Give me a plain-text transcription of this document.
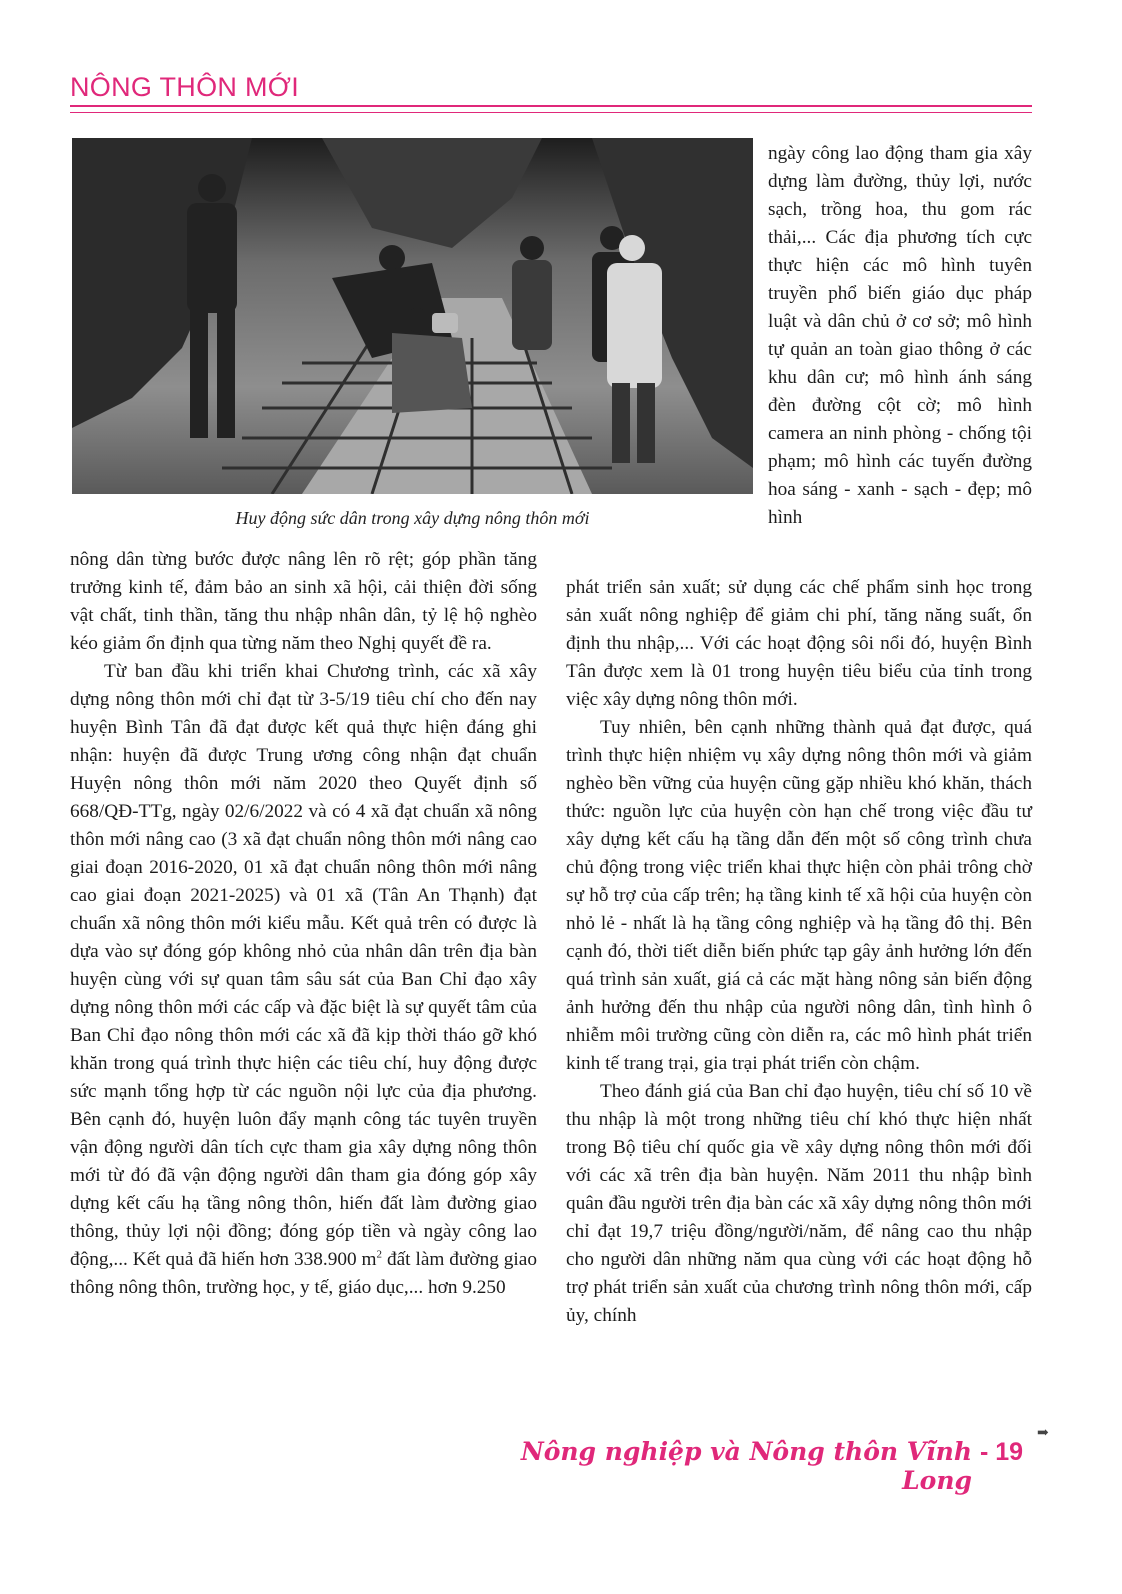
NÔNG THÔN MỚI
Huy động sức dân trong xây dựng nông thôn mới

ngày công lao động tham gia xây dựng làm đường, thủy lợi, nước sạch, trồng hoa, thu gom rác thải,... Các địa phương tích cực thực hiện các mô hình tuyên truyền phổ biến giáo dục pháp luật và dân chủ ở cơ sở; mô hình tự quản an toàn giao thông ở các khu dân cư; mô hình ánh sáng đèn đường cột cờ; mô hình camera an ninh phòng - chống tội phạm; mô hình các tuyến đường hoa sáng - xanh - sạch - đẹp; mô hình

nông dân từng bước được nâng lên rõ rệt; góp phần tăng trưởng kinh tế, đảm bảo an sinh xã hội, cải thiện đời sống vật chất, tinh thần, tăng thu nhập nhân dân, tỷ lệ hộ nghèo kéo giảm ổn định qua từng năm theo Nghị quyết đề ra.

Từ ban đầu khi triển khai Chương trình, các xã xây dựng nông thôn mới chỉ đạt từ 3-5/19 tiêu chí cho đến nay huyện Bình Tân đã đạt được kết quả thực hiện đáng ghi nhận: huyện đã được Trung ương công nhận đạt chuẩn Huyện nông thôn mới năm 2020 theo Quyết định số 668/QĐ-TTg, ngày 02/6/2022 và có 4 xã đạt chuẩn xã nông thôn mới nâng cao (3 xã đạt chuẩn nông thôn mới nâng cao giai đoạn 2016-2020, 01 xã đạt chuẩn nông thôn mới nâng cao giai đoạn 2021-2025) và 01 xã (Tân An Thạnh) đạt chuẩn xã nông thôn mới kiểu mẫu. Kết quả trên có được là dựa vào sự đóng góp không nhỏ của nhân dân trên địa bàn huyện cùng với sự quan tâm sâu sát của Ban Chỉ đạo xây dựng nông thôn mới các cấp và đặc biệt là sự quyết tâm của Ban Chỉ đạo nông thôn mới các xã đã kịp thời tháo gỡ khó khăn trong quá trình thực hiện các tiêu chí, huy động được sức mạnh tổng hợp từ các nguồn nội lực của địa phương. Bên cạnh đó, huyện luôn đẩy mạnh công tác tuyên truyền vận động người dân tích cực tham gia xây dựng nông thôn mới từ đó đã vận động người dân tham gia đóng góp xây dựng kết cấu hạ tầng nông thôn, hiến đất làm đường giao thông, thủy lợi nội đồng; đóng góp tiền và ngày công lao động,... Kết quả đã hiến hơn 338.900 $m^2$ đất làm đường giao thông nông thôn, trường học, y tế, giáo dục,... hơn 9.250

phát triển sản xuất; sử dụng các chế phẩm sinh học trong sản xuất nông nghiệp để giảm chi phí, tăng năng suất, ổn định thu nhập,... Với các hoạt động sôi nổi đó, huyện Bình Tân được xem là 01 trong huyện tiêu biểu của tỉnh trong việc xây dựng nông thôn mới.

Tuy nhiên, bên cạnh những thành quả đạt được, quá trình thực hiện nhiệm vụ xây dựng nông thôn mới và giảm nghèo bền vững của huyện cũng gặp nhiều khó khăn, thách thức: nguồn lực của huyện còn hạn chế trong việc đầu tư xây dựng kết cấu hạ tầng dẫn đến một số công trình chưa chủ động trong việc triển khai thực hiện còn phải trông chờ sự hỗ trợ của cấp trên; hạ tầng kinh tế xã hội của huyện còn nhỏ lẻ - nhất là hạ tầng công nghiệp và hạ tầng đô thị. Bên cạnh đó, thời tiết diễn biến phức tạp gây ảnh hưởng lớn đến quá trình sản xuất, giá cả các mặt hàng nông sản biến động ảnh hưởng đến thu nhập của người nông dân, tình hình ô nhiễm môi trường cũng còn diễn ra, các mô hình phát triển kinh tế trang trại, gia trại phát triển còn chậm.

Theo đánh giá của Ban chỉ đạo huyện, tiêu chí số 10 về thu nhập là một trong những tiêu chí khó thực hiện nhất trong Bộ tiêu chí quốc gia về xây dựng nông thôn mới đối với các xã trên địa bàn huyện. Năm 2011 thu nhập bình quân đầu người trên địa bàn các xã xây dựng nông thôn mới chỉ đạt 19,7 triệu đồng/người/năm, để nâng cao thu nhập cho người dân những năm qua cùng với các hoạt động hỗ trợ phát triển sản xuất của chương trình nông thôn mới, cấp ủy, chính

➡
Nông nghiệp và Nông thôn Vĩnh Long
- 19
